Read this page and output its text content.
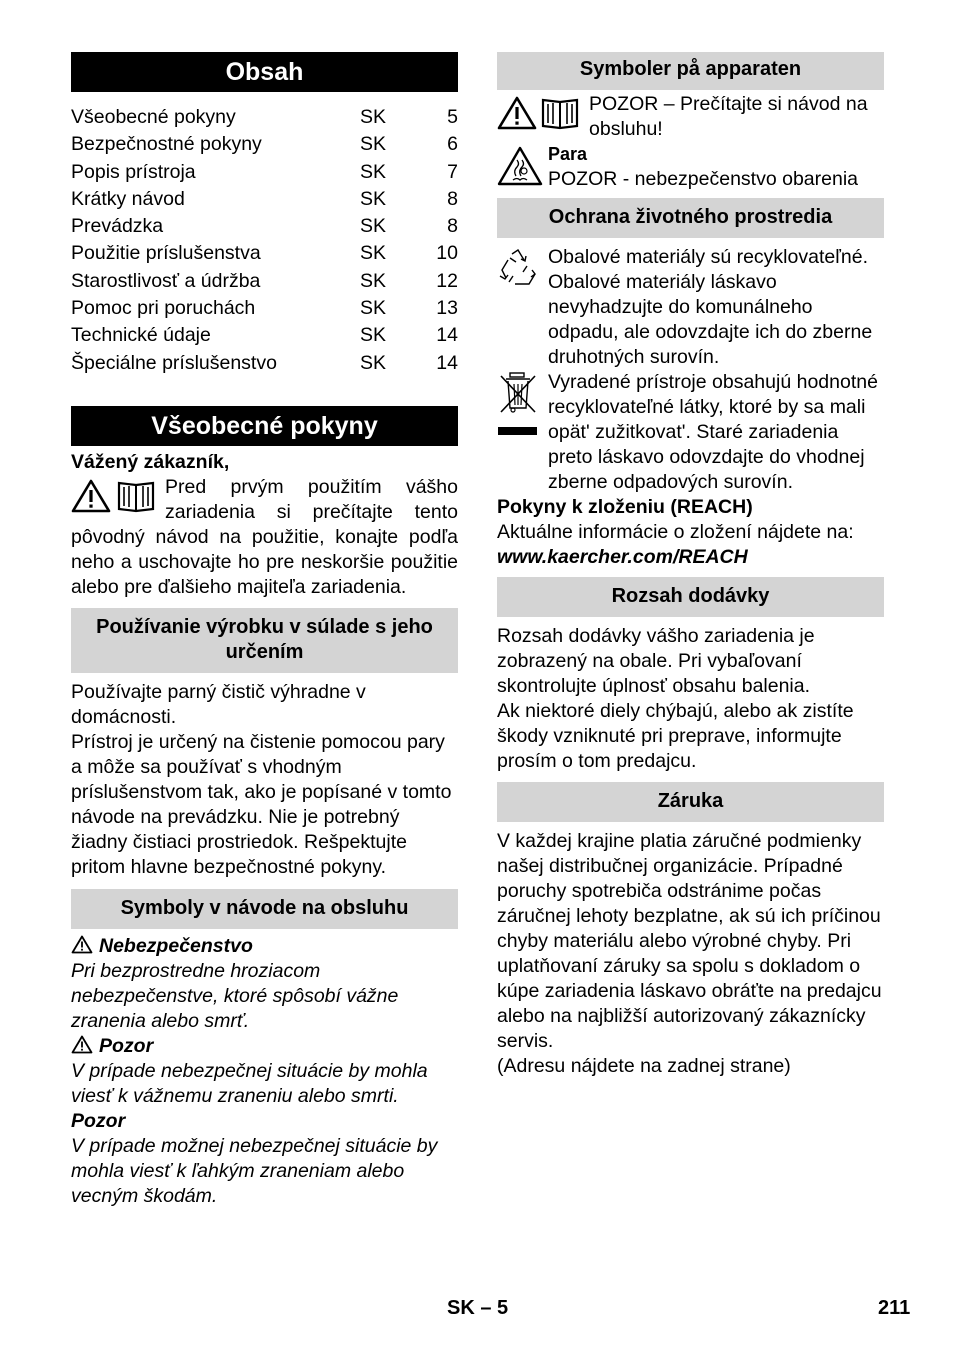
Obsah
Všeobecné pokyny	SK	5
Bezpečnostné pokyny	SK	6
Popis prístroja	SK	7
Krátky návod	SK	8
Prevádzka	SK	8
Použitie príslušenstva	SK	10
Starostlivosť a údržba	SK	12
Pomoc pri poruchách	SK	13
Technické údaje	SK	14
Špeciálne príslušenstvo	SK	14
Všeobecné pokyny

Vážený zákazník,

Pred prvým použitím vášho zariadenia si prečítajte tento pôvodný návod na použitie, konajte podľa neho a uschovajte ho pre neskoršie použitie alebo pre ďalšieho majiteľa zariadenia.

Používanie výrobku v súlade s jeho určením

Používajte parný čistič výhradne v domácnosti.

Prístroj je určený na čistenie pomocou pary a môže sa používať s vhodným príslušenstvom tak, ako je popísané v tomto návode na prevádzku. Nie je potrebný žiadny čistiaci prostriedok. Rešpektujte pritom hlavne bezpečnostné pokyny.

Symboly v návode na obsluhu

Nebezpečenstvo

Pri bezprostredne hroziacom nebezpečenstve, ktoré spôsobí vážne zranenia alebo smrť.

Pozor

V prípade nebezpečnej situácie by mohla viesť k vážnemu zraneniu alebo smrti.

Pozor

V prípade možnej nebezpečnej situácie by mohla viesť k ľahkým zraneniam alebo vecným škodám.

Symboler på apparaten

POZOR – Prečítajte si návod na obsluhu!

Para

POZOR - nebezpečenstvo obarenia

Ochrana životného prostredia

Obalové materiály sú recyklovateľné. Obalové materiály láskavo nevyhadzujte do komunálneho odpadu, ale odovzdajte ich do zberne druhotných surovín.

Vyradené prístroje obsahujú hodnotné recyklovateľné látky, ktoré by sa mali opät' zužitkovat'. Staré zariadenia preto láskavo odovzdajte do vhodnej zberne odpadových surovín.

Pokyny k zloženiu (REACH)

Aktuálne informácie o zložení nájdete na:

www.kaercher.com/REACH

Rozsah dodávky

Rozsah dodávky vášho zariadenia je zobrazený na obale. Pri vybaľovaní skontrolujte úplnosť obsahu balenia.

Ak niektoré diely chýbajú, alebo ak zistíte škody vzniknuté pri preprave, informujte prosím o tom predajcu.

Záruka

V každej krajine platia záručné podmienky našej distribučnej organizácie. Prípadné poruchy spotrebiča odstránime počas záručnej lehoty bezplatne, ak sú ich príčinou chyby materiálu alebo výrobné chyby. Pri uplatňovaní záruky sa spolu s dokladom o kúpe zariadenia láskavo obráťte na predajcu alebo na najbližší autorizovaný zákaznícky servis.

(Adresu nájdete na zadnej strane)

SK – 5	211
